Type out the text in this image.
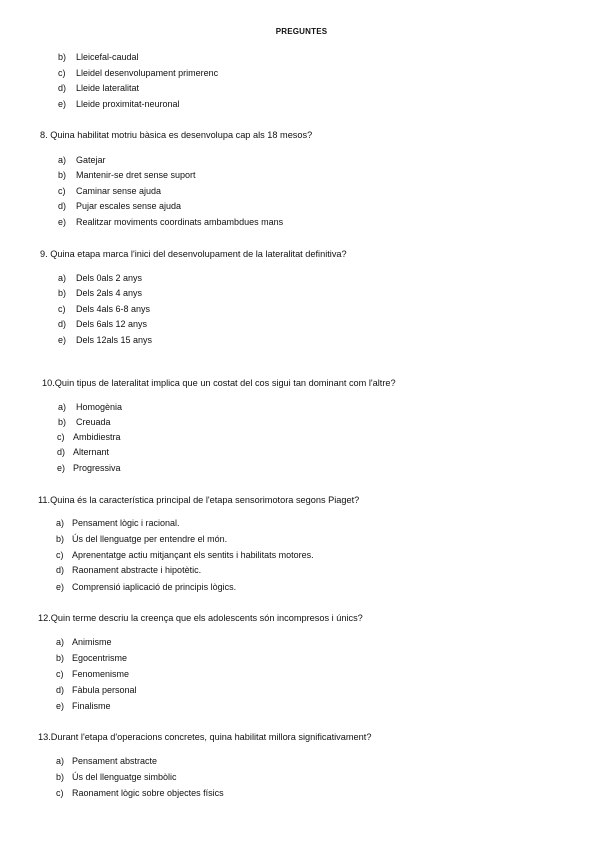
PREGUNTES
b) Lleicefal-caudal
c) Lleidel desenvolupament primerenc
d) Lleide lateralitat
e) Lleide proximitat-neuronal
8. Quina habilitat motriu bàsica es desenvolupa cap als 18 mesos?
a) Gatejar
b) Mantenir-se dret sense suport
c) Caminar sense ajuda
d) Pujar escales sense ajuda
e) Realitzar moviments coordinats ambambdues mans
9. Quina etapa marca l'inici del desenvolupament de la lateralitat definitiva?
a) Dels 0als 2 anys
b) Dels 2als 4 anys
c) Dels 4als 6-8 anys
d) Dels 6als 12 anys
e) Dels 12als 15 anys
10.Quin tipus de lateralitat implica que un costat del cos sigui tan dominant com l'altre?
a) Homogènia
b) Creuada
c) Ambidiestra
d) Alternant
e) Progressiva
11.Quina és la característica principal de l'etapa sensorimotora segons Piaget?
a) Pensament lògic i racional.
b) Ús del llenguatge per entendre el món.
c) Aprenentatge actiu mitjançant els sentits i habilitats motores.
d) Raonament abstracte i hipotètic.
e) Comprensió iaplicació de principis lògics.
12.Quin terme descriu la creença que els adolescents són incompresos i únics?
a) Animisme
b) Egocentrisme
c) Fenomenisme
d) Fàbula personal
e) Finalisme
13.Durant l'etapa d'operacions concretes, quina habilitat millora significativament?
a) Pensament abstracte
b) Ús del llenguatge simbòlic
c) Raonament lògic sobre objectes físics
